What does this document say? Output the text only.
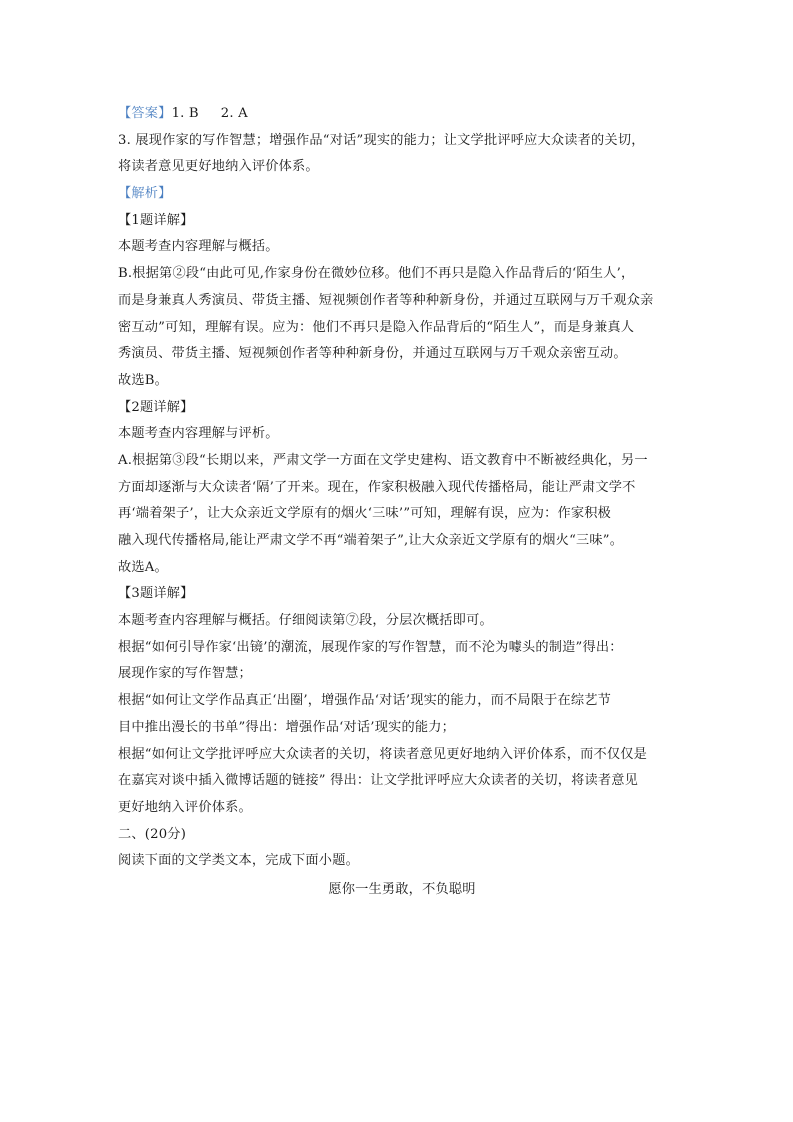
【答案】1. B     2. A
3. 展现作家的写作智慧；增强作品“对话”现实的能力；让文学批评呼应大众读者的关切，
将读者意见更好地纳入评价体系。
【解析】
【1题详解】
本题考查内容理解与概括。
B.根据第②段“由此可见,作家身份在微妙位移。他们不再只是隐入作品背后的‘陌生人’，
而是身兼真人秀演员、带货主播、短视频创作者等种种新身份，并通过互联网与万千观众亲
密互动”可知，理解有误。应为：他们不再只是隐入作品背后的“陌生人”，而是身兼真人
秀演员、带货主播、短视频创作者等种种新身份，并通过互联网与万千观众亲密互动。
故选B。
【2题详解】
本题考查内容理解与评析。
A.根据第③段“长期以来，严肃文学一方面在文学史建构、语文教育中不断被经典化，另一
方面却逐渐与大众读者‘隔’了开来。现在，作家积极融入现代传播格局，能让严肃文学不
再‘端着架子’，让大众亲近文学原有的烟火‘三味’”可知，理解有误，应为：作家积极
融入现代传播格局,能让严肃文学不再“端着架子”,让大众亲近文学原有的烟火“三味”。
故选A。
【3题详解】
本题考查内容理解与概括。仔细阅读第⑦段，分层次概括即可。
根据“如何引导作家‘出镜’的潮流，展现作家的写作智慧，而不沦为噱头的制造”得出：
展现作家的写作智慧；
根据“如何让文学作品真正‘出圈’，增强作品‘对话’现实的能力，而不局限于在综艺节
目中推出漫长的书单”得出：增强作品‘对话’现实的能力；
根据“如何让文学批评呼应大众读者的关切，将读者意见更好地纳入评价体系，而不仅仅是
在嘉宾对谈中插入微博话题的链接” 得出：让文学批评呼应大众读者的关切，将读者意见
更好地纳入评价体系。
二、(20分)
阅读下面的文学类文本，完成下面小题。
愿你一生勇敢，不负聪明
